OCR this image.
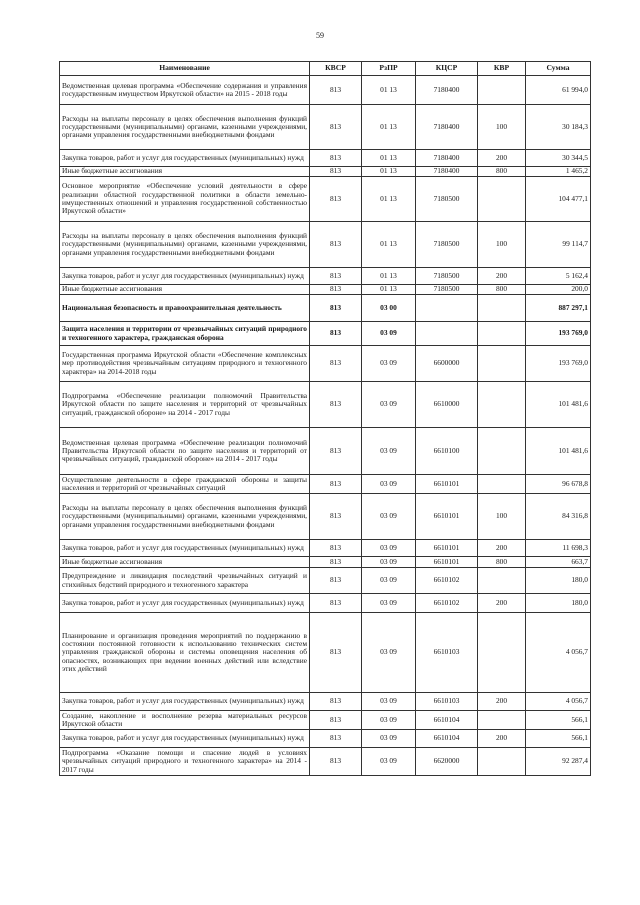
59
Наименование	КВСР	РзПР	КЦСР	КВР	Сумма
Ведомственная целевая программа «Обеспечение содержания и управления государственным имуществом Иркутской области» на 2015 - 2018 годы	813	01 13	7180400		61 994,0
Расходы на выплаты персоналу в целях обеспечения выполнения функций государственными (муниципальными) органами, казенными учреждениями, органами управления государственными внебюджетными фондами	813	01 13	7180400	100	30 184,3
Закупка товаров, работ и услуг для государственных (муниципальных) нужд	813	01 13	7180400	200	30 344,5
Иные бюджетные ассигнования	813	01 13	7180400	800	1 465,2
Основное мероприятие «Обеспечение условий деятельности в сфере реализации областной государственной политики в области земельно-имущественных отношений и управления государственной собственностью Иркутской области»	813	01 13	7180500		104 477,1
Расходы на выплаты персоналу в целях обеспечения выполнения функций государственными (муниципальными) органами, казенными учреждениями, органами управления государственными внебюджетными фондами	813	01 13	7180500	100	99 114,7
Закупка товаров, работ и услуг для государственных (муниципальных) нужд	813	01 13	7180500	200	5 162,4
Иные бюджетные ассигнования	813	01 13	7180500	800	200,0
Национальная безопасность и правоохранительная деятельность	813	03 00			887 297,1
Защита населения и территории от чрезвычайных ситуаций природного и техногенного характера, гражданская оборона	813	03 09			193 769,0
Государственная программа Иркутской области «Обеспечение комплексных мер противодействия чрезвычайным ситуациям природного и техногенного характера» на 2014-2018 годы	813	03 09	6600000		193 769,0
Подпрограмма «Обеспечение реализации полномочий Правительства Иркутской области по защите населения и территорий от чрезвычайных ситуаций, гражданской обороне» на 2014 - 2017 годы	813	03 09	6610000		101 481,6
Ведомственная целевая программа «Обеспечение реализации полномочий Правительства Иркутской области по защите населения и территорий от чрезвычайных ситуаций, гражданской обороне» на 2014 - 2017 годы	813	03 09	6610100		101 481,6
Осуществление деятельности в сфере гражданской обороны и защиты населения и территорий от чрезвычайных ситуаций	813	03 09	6610101		96 678,8
Расходы на выплаты персоналу в целях обеспечения выполнения функций государственными (муниципальными) органами, казенными учреждениями, органами управления государственными внебюджетными фондами	813	03 09	6610101	100	84 316,8
Закупка товаров, работ и услуг для государственных (муниципальных) нужд	813	03 09	6610101	200	11 698,3
Иные бюджетные ассигнования	813	03 09	6610101	800	663,7
Предупреждение и ликвидация последствий чрезвычайных ситуаций и стихийных бедствий природного и техногенного характера	813	03 09	6610102		180,0
Закупка товаров, работ и услуг для государственных (муниципальных) нужд	813	03 09	6610102	200	180,0
Планирование и организация проведения мероприятий по поддержанию в состоянии постоянной готовности к использованию технических систем управления гражданской обороны и системы оповещения населения об опасностях, возникающих при ведении военных действий или вследствие этих действий	813	03 09	6610103		4 056,7
Закупка товаров, работ и услуг для государственных (муниципальных) нужд	813	03 09	6610103	200	4 056,7
Создание, накопление и восполнение резерва материальных ресурсов Иркутской области	813	03 09	6610104		566,1
Закупка товаров, работ и услуг для государственных (муниципальных) нужд	813	03 09	6610104	200	566,1
Подпрограмма «Оказание помощи и спасение людей в условиях чрезвычайных ситуаций природного и техногенного характера» на 2014 - 2017 годы	813	03 09	6620000		92 287,4
